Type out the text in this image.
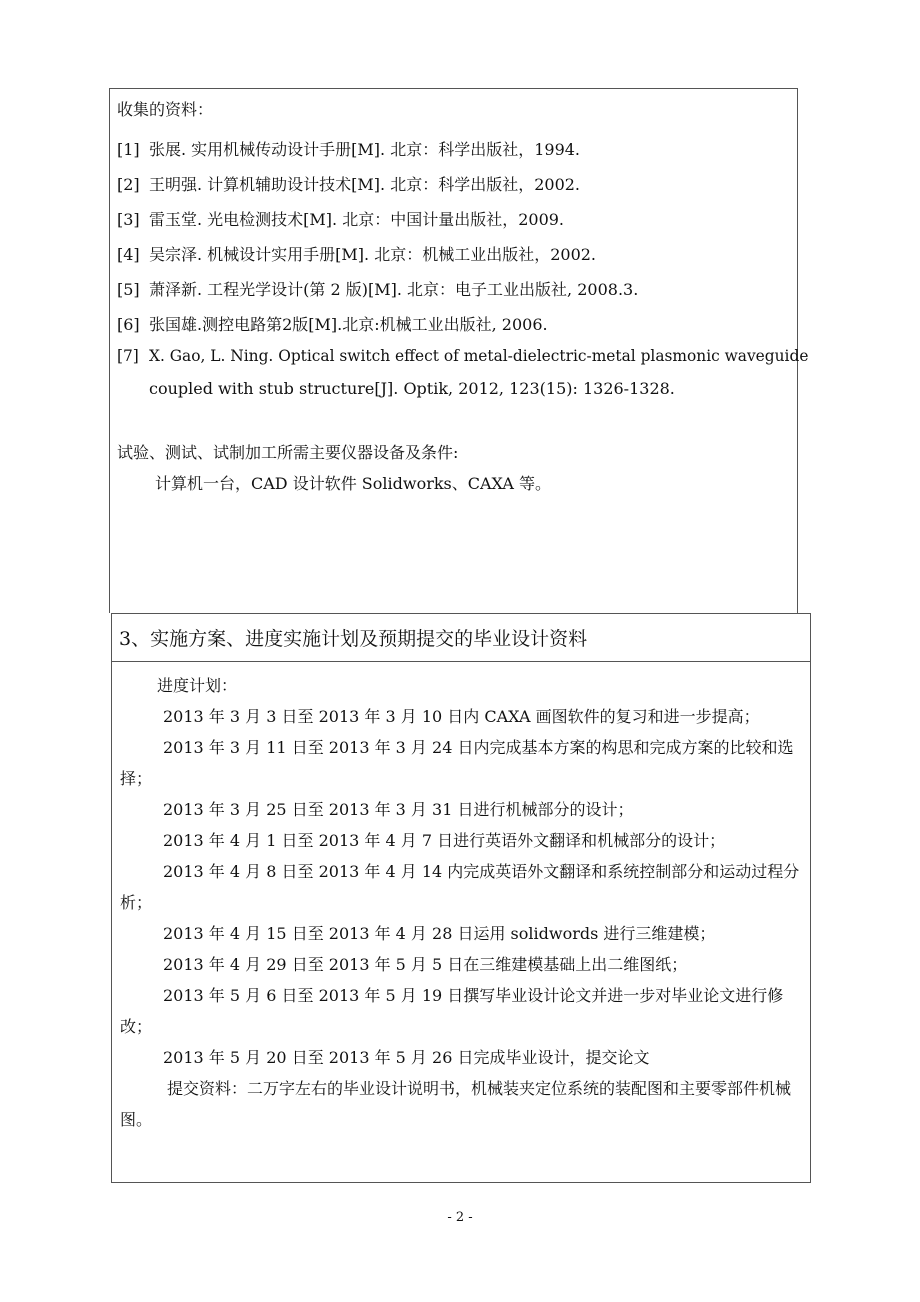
收集的资料：
[1] 张展. 实用机械传动设计手册[M]. 北京：科学出版社，1994.
[2] 王明强. 计算机辅助设计技术[M]. 北京：科学出版社，2002.
[3] 雷玉堂. 光电检测技术[M]. 北京：中国计量出版社，2009.
[4] 吴宗泽. 机械设计实用手册[M]. 北京：机械工业出版社，2002.
[5] 萧泽新. 工程光学设计(第 2 版)[M]. 北京：电子工业出版社, 2008.3.
[6] 张国雄.测控电路第2版[M].北京:机械工业出版社, 2006.
[7] X. Gao, L. Ning. Optical switch effect of metal-dielectric-metal plasmonic waveguide
coupled with stub structure[J]. Optik, 2012, 123(15): 1326-1328.
试验、测试、试制加工所需主要仪器设备及条件:
计算机一台，CAD 设计软件 Solidworks、CAXA 等。
3、实施方案、进度实施计划及预期提交的毕业设计资料

进度计划：

2013 年 3 月 3 日至 2013 年 3 月 10 日内 CAXA 画图软件的复习和进一步提高；

2013 年 3 月 11 日至 2013 年 3 月 24 日内完成基本方案的构思和完成方案的比较和选择；

2013 年 3 月 25 日至 2013 年 3 月 31 日进行机械部分的设计；

2013 年 4 月 1 日至 2013 年 4 月 7 日进行英语外文翻译和机械部分的设计；

2013 年 4 月 8 日至 2013 年 4 月 14 内完成英语外文翻译和系统控制部分和运动过程分析；

2013 年 4 月 15 日至 2013 年 4 月 28 日运用 solidwords 进行三维建模；

2013 年 4 月 29 日至 2013 年 5 月 5 日在三维建模基础上出二维图纸；

2013 年 5 月 6 日至 2013 年 5 月 19 日撰写毕业设计论文并进一步对毕业论文进行修改；

2013 年 5 月 20 日至 2013 年 5 月 26 日完成毕业设计，提交论文

提交资料：二万字左右的毕业设计说明书，机械装夹定位系统的装配图和主要零部件机械图。

- 2 -
